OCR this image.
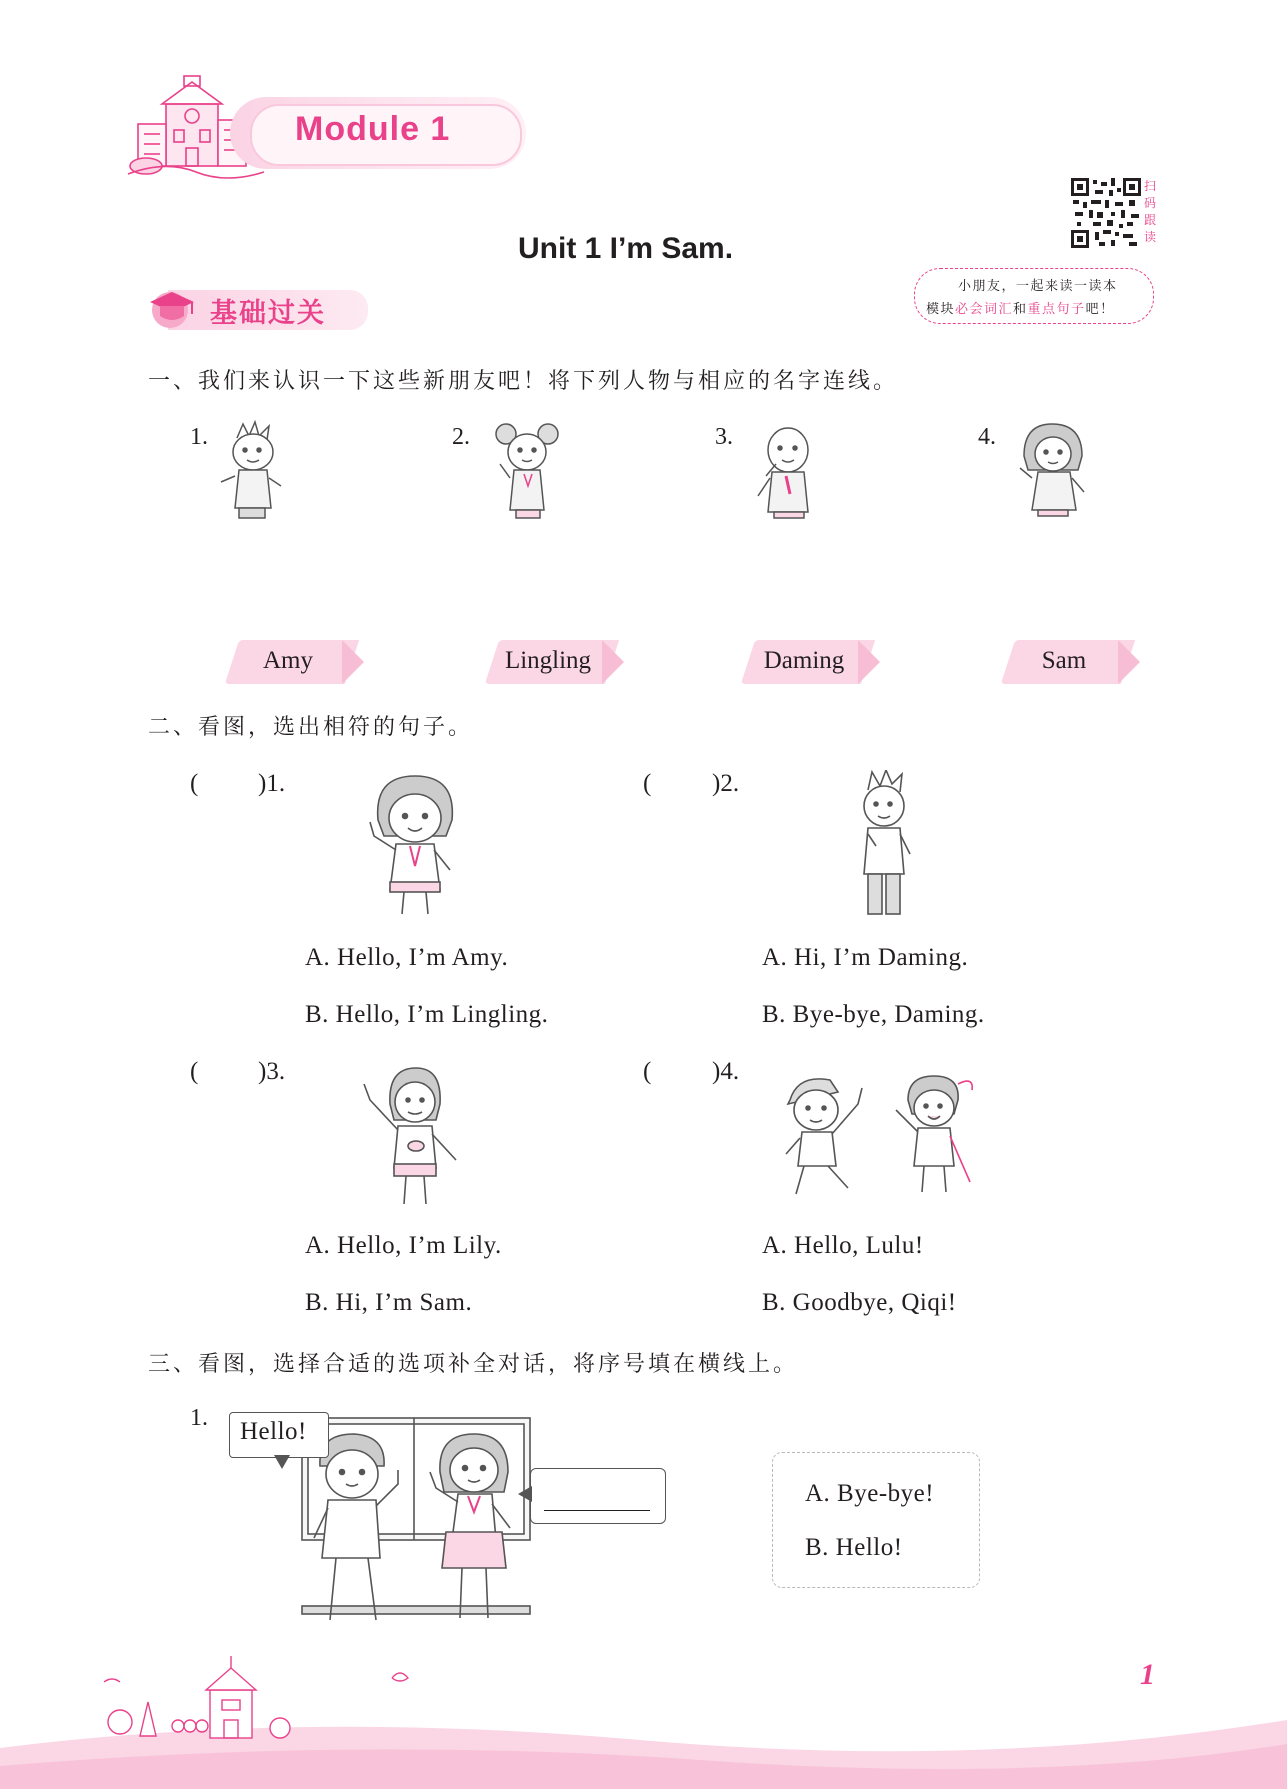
Module 1
Unit 1 I’m Sam.
扫
码
跟
读
小朋友，一起来读一读本
模块必会词汇和重点句子吧！
基础过关
一、我们来认识一下这些新朋友吧！将下列人物与相应的名字连线。
1.	2.	3.	4.
Amy	Lingling	Daming	Sam
二、看图，选出相符的句子。
( )1.
A. Hello, I’m Amy.
B. Hello, I’m Lingling.
( )2.
A. Hi, I’m Daming.
B. Bye-bye, Daming.
( )3.
A. Hello, I’m Lily.
B. Hi, I’m Sam.
( )4.
A. Hello, Lulu!
B. Goodbye, Qiqi!
三、看图，选择合适的选项补全对话，将序号填在横线上。
1. Hello!
A. Bye-bye!
B. Hello!
1
